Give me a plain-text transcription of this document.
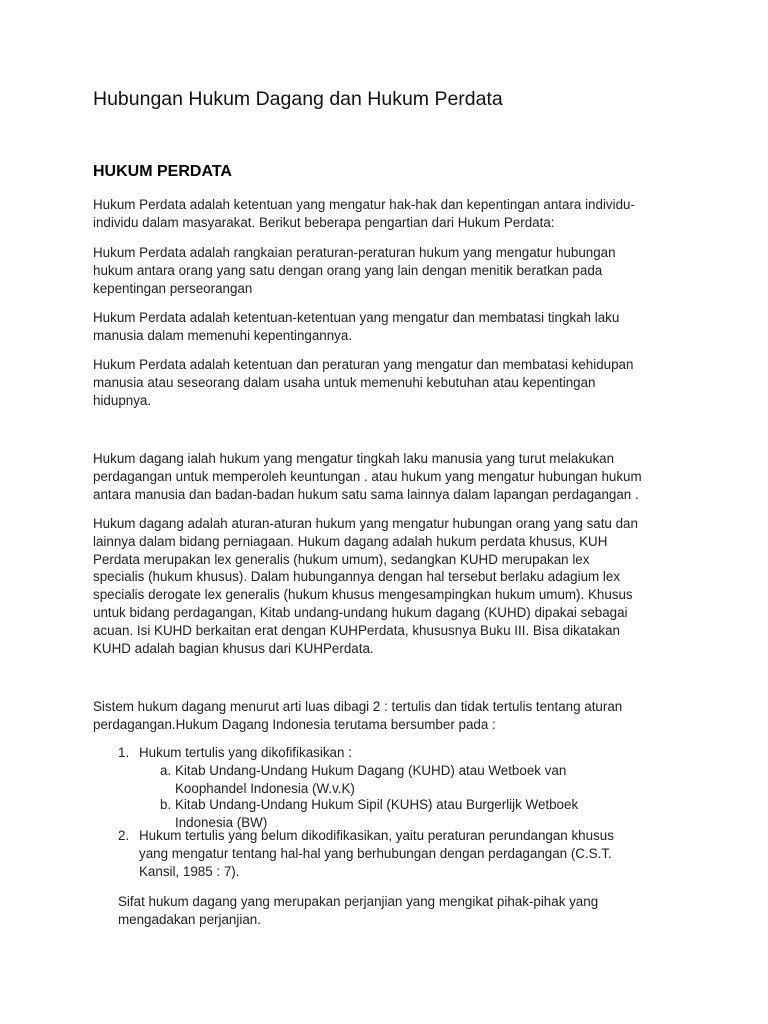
Hubungan Hukum Dagang dan Hukum Perdata
HUKUM PERDATA
Hukum Perdata adalah ketentuan yang mengatur hak-hak dan kepentingan antara individu-
individu dalam masyarakat. Berikut beberapa pengartian dari Hukum Perdata:
Hukum Perdata adalah rangkaian peraturan-peraturan hukum yang mengatur hubungan
hukum antara orang yang satu dengan orang yang lain dengan menitik beratkan pada
kepentingan perseorangan
Hukum Perdata adalah ketentuan-ketentuan yang mengatur dan membatasi tingkah laku
manusia dalam memenuhi kepentingannya.
Hukum Perdata adalah ketentuan dan peraturan yang mengatur dan membatasi kehidupan
manusia atau seseorang dalam usaha untuk memenuhi kebutuhan atau kepentingan
hidupnya.
Hukum dagang ialah hukum yang mengatur tingkah laku manusia yang turut melakukan
perdagangan untuk memperoleh keuntungan . atau hukum yang mengatur hubungan hukum
antara manusia dan badan-badan hukum satu sama lainnya dalam lapangan perdagangan .
Hukum dagang adalah aturan-aturan hukum yang mengatur hubungan orang yang satu dan
lainnya dalam bidang perniagaan. Hukum dagang adalah hukum perdata khusus, KUH
Perdata merupakan lex generalis (hukum umum), sedangkan KUHD merupakan lex
specialis (hukum khusus). Dalam hubungannya dengan hal tersebut berlaku adagium lex
specialis derogate lex generalis (hukum khusus mengesampingkan hukum umum). Khusus
untuk bidang perdagangan, Kitab undang-undang hukum dagang (KUHD) dipakai sebagai
acuan. Isi KUHD berkaitan erat dengan KUHPerdata, khususnya Buku III. Bisa dikatakan
KUHD adalah bagian khusus dari KUHPerdata.
Sistem hukum dagang menurut arti luas dibagi 2 : tertulis dan tidak tertulis tentang aturan
perdagangan.Hukum Dagang Indonesia terutama bersumber pada :
1. Hukum tertulis yang dikofifikasikan :
a. Kitab Undang-Undang Hukum Dagang (KUHD) atau Wetboek van
Koophandel Indonesia (W.v.K)
b. Kitab Undang-Undang Hukum Sipil (KUHS) atau Burgerlijk Wetboek
Indonesia (BW)
2. Hukum tertulis yang belum dikodifikasikan, yaitu peraturan perundangan khusus
yang mengatur tentang hal-hal yang berhubungan dengan perdagangan (C.S.T.
Kansil, 1985 : 7).
Sifat hukum dagang yang merupakan perjanjian yang mengikat pihak-pihak yang
mengadakan perjanjian.
